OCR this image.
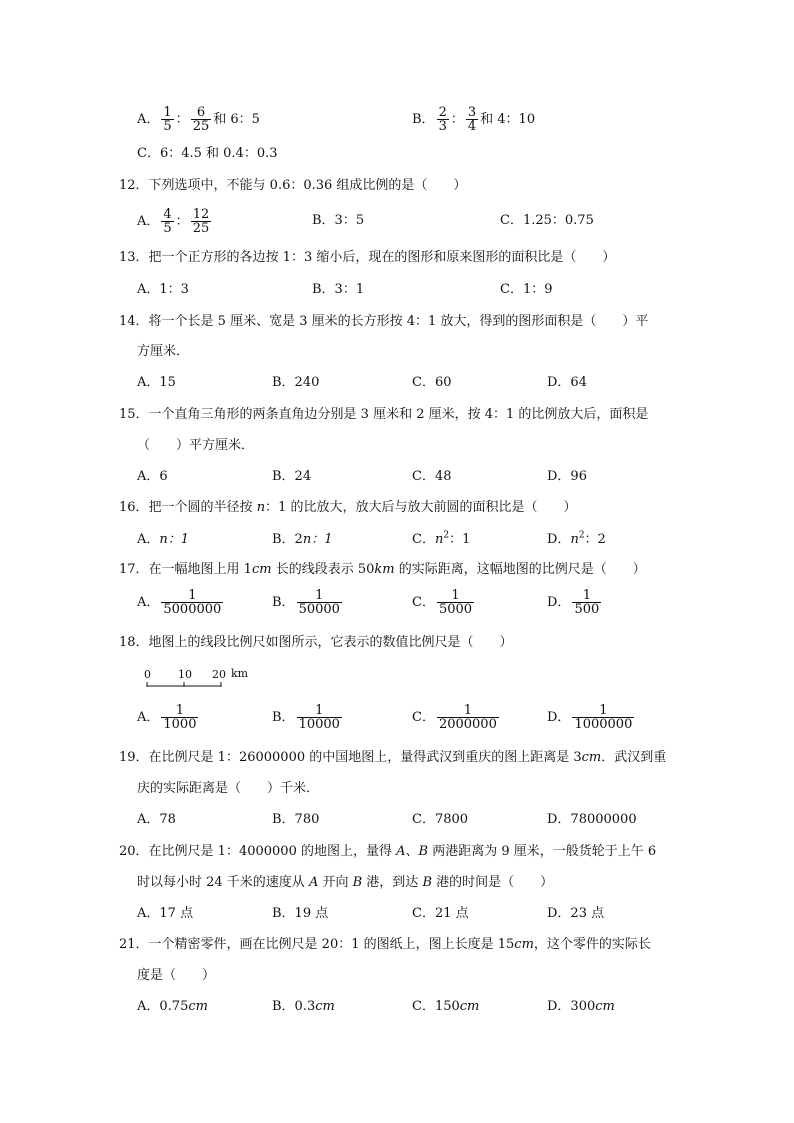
A． $\frac{1}{5}$ ： $\frac{6}{25}$ 和 6：5	B． $\frac{2}{3}$ ： $\frac{3}{4}$ 和 4：10
C．6：4.5 和 0.4：0.3
12．下列选项中，不能与 0.6：0.36 组成比例的是（　　）
A． $\frac{4}{5}$ ： $\frac{12}{25}$	B．3：5	C．1.25：0.75
13．把一个正方形的各边按 1：3 缩小后，现在的图形和原来图形的面积比是（　　）
A．1：3	B．3：1	C．1：9
14．将一个长是 5 厘米、宽是 3 厘米的长方形按 4：1 放大，得到的图形面积是（　　）平
方厘米．
A．15	B．240	C．60	D．64
15．一个直角三角形的两条直角边分别是 3 厘米和 2 厘米，按 4：1 的比例放大后，面积是
（　　）平方厘米．
A．6	B．24	C．48	D．96
16．把一个圆的半径按 n：1 的比放大，放大后与放大前圆的面积比是（　　）
A．n：1	B．2n：1	C．$n^2$：1	D．$n^2$：2
17．在一幅地图上用 1cm 长的线段表示 50km 的实际距离，这幅地图的比例尺是（　　）
A． $\frac{1}{5000000}$	B． $\frac{1}{50000}$	C． $\frac{1}{5000}$	D． $\frac{1}{500}$
18．地图上的线段比例尺如图所示，它表示的数值比例尺是（　　）
0 10 20 km
A． $\frac{1}{1000}$	B． $\frac{1}{10000}$	C． $\frac{1}{2000000}$	D． $\frac{1}{1000000}$
19．在比例尺是 1：26000000 的中国地图上，量得武汉到重庆的图上距离是 3cm．武汉到重
庆的实际距离是（　　）千米．
A．78	B．780	C．7800	D．78000000
20．在比例尺是 1：4000000 的地图上，量得 A、B 两港距离为 9 厘米，一般货轮于上午 6
时以每小时 24 千米的速度从 A 开向 B 港，到达 B 港的时间是（　　）
A．17 点	B．19 点	C．21 点	D．23 点
21．一个精密零件，画在比例尺是 20：1 的图纸上，图上长度是 15cm，这个零件的实际长
度是（　　）
A．0.75cm	B．0.3cm	C．150cm	D．300cm
